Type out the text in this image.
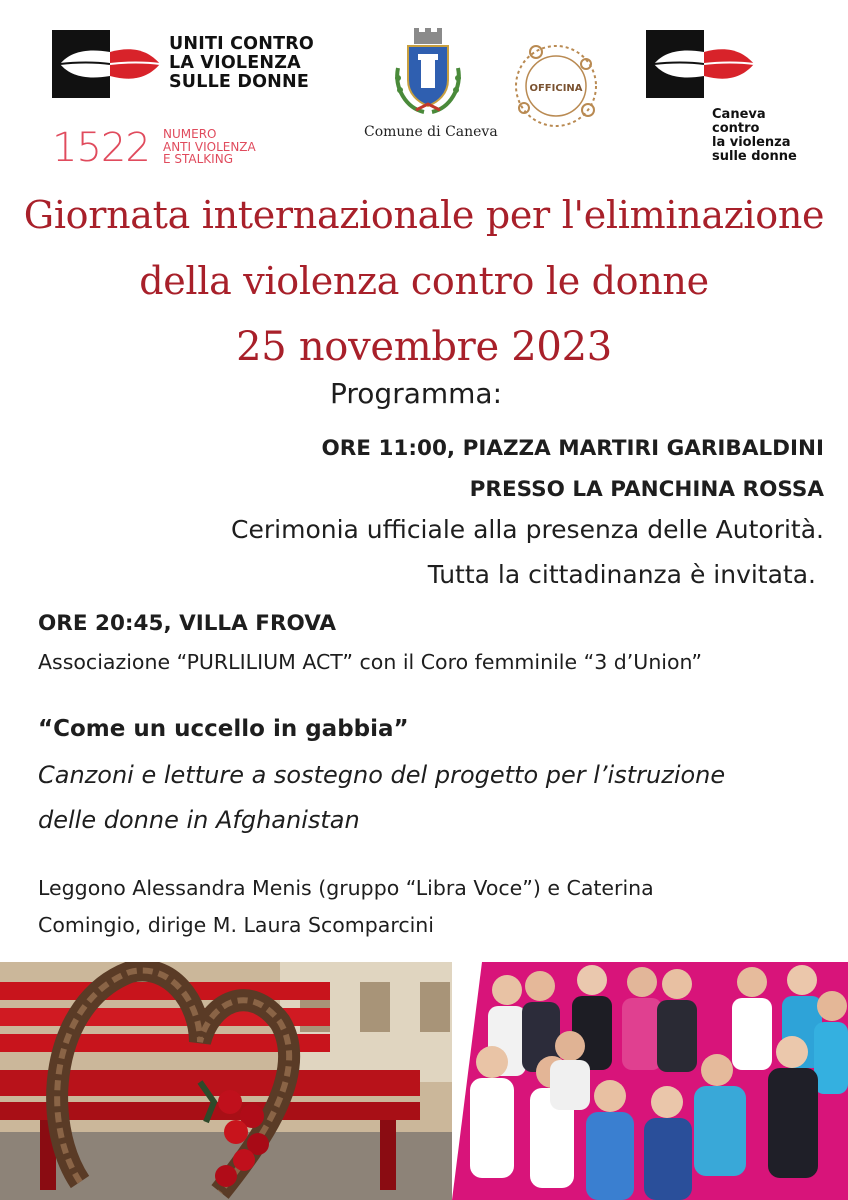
UNITI CONTRO
LA VIOLENZA
SULLE DONNE
1522 NUMERO
ANTI VIOLENZA
E STALKING
Comune di Caneva
OFFICINA
Caneva
contro
la violenza
sulle donne
Giornata internazionale per l'eliminazione
della violenza contro le donne
25 novembre 2023
Programma:
ORE 11:00, PIAZZA MARTIRI GARIBALDINI
PRESSO LA PANCHINA ROSSA
Cerimonia ufficiale alla presenza delle Autorità.
Tutta la cittadinanza è invitata.
ORE 20:45, VILLA FROVA
Associazione “PURLILIUM ACT” con il Coro femminile “3 d’Union”
“Come un uccello in gabbia”
Canzoni e letture a sostegno del progetto per l’istruzione
delle donne in Afghanistan
Leggono Alessandra Menis (gruppo “Libra Voce”) e Caterina
Comingio, dirige M. Laura Scomparcini
